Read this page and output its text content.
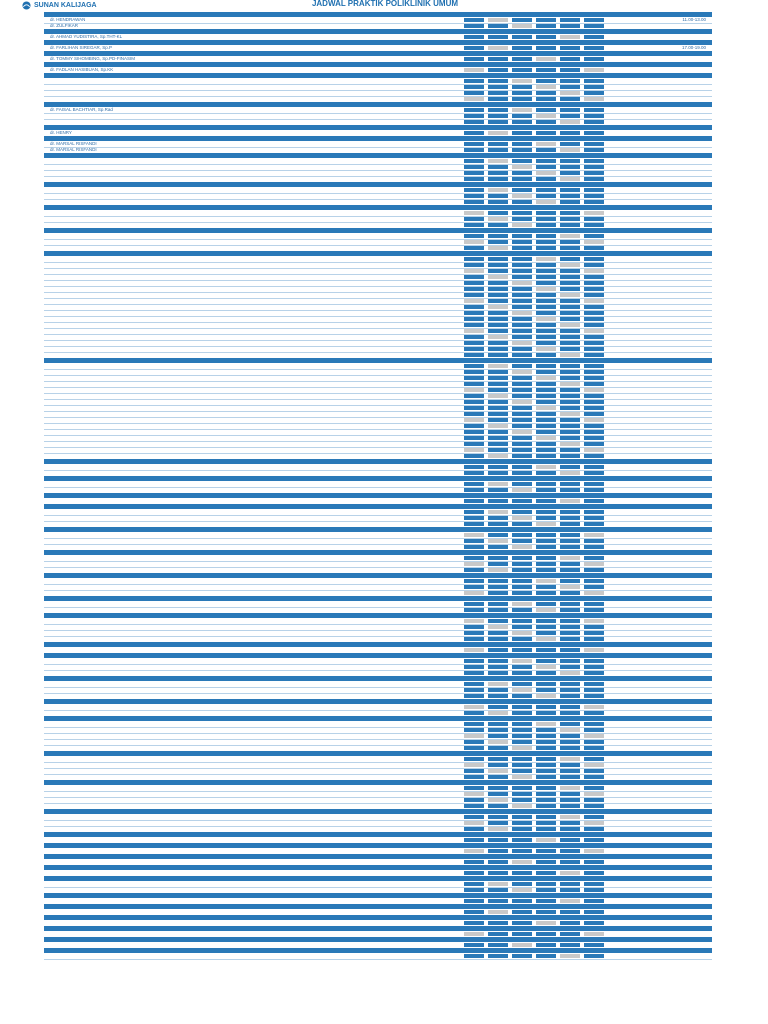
SUNAN KALIJAGA	JADWAL PRAKTIK POLIKLINIK UMUM
dr. HENDRAWAN	11.00-13.00
dr. ZULFIKAR
dr. AHMAD YUDISTIRA, Sp.THT-KL
dr. FARLIHAN SIREGAR, Sp.P	17.00-19.00
dr. TOMMY SIHOMBING, Sp.PD-FINASIM
dr. FADLAN HASIBUAN, Sp.KK
dr. FAISAL BACHTIAR, Sp.Rad
dr. HENRY
dr. MARSAL RISFANDI
dr. MARSAL RISFANDI
